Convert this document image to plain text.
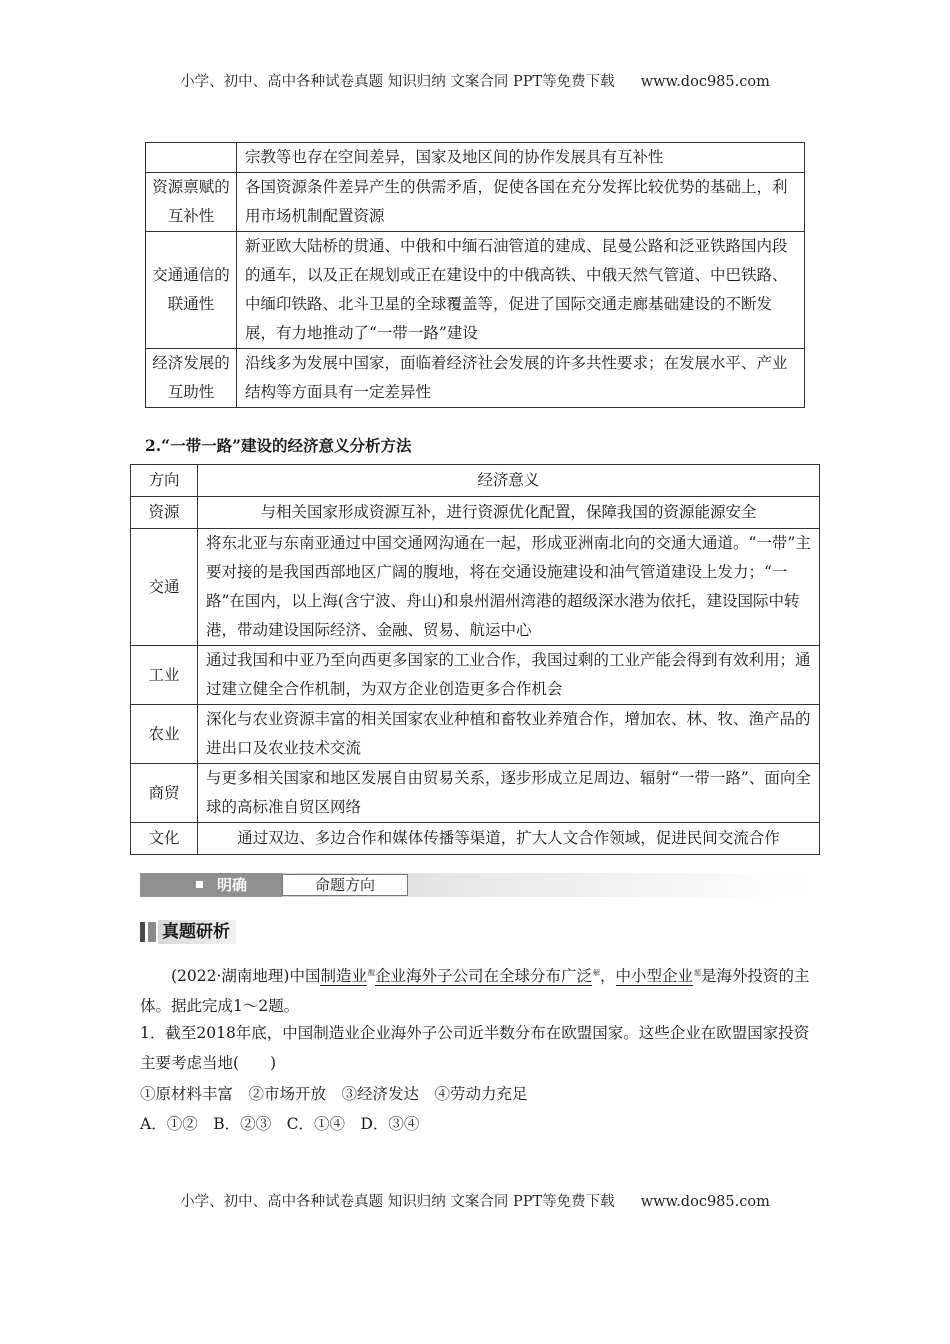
小学、初中、高中各种试卷真题 知识归纳 文案合同 PPT等免费下载 www.doc985.com
	宗教等也存在空间差异，国家及地区间的协作发展具有互补性
资源禀赋的互补性	各国资源条件差异产生的供需矛盾，促使各国在充分发挥比较优势的基础上，利用市场机制配置资源
交通通信的联通性	新亚欧大陆桥的贯通、中俄和中缅石油管道的建成、昆曼公路和泛亚铁路国内段的通车，以及正在规划或正在建设中的中俄高铁、中俄天然气管道、中巴铁路、中缅印铁路、北斗卫星的全球覆盖等，促进了国际交通走廊基础建设的不断发展，有力地推动了“一带一路”建设
经济发展的互助性	沿线多为发展中国家，面临着经济社会发展的许多共性要求；在发展水平、产业结构等方面具有一定差异性
2.“一带一路”建设的经济意义分析方法
方向	经济意义
资源	与相关国家形成资源互补，进行资源优化配置，保障我国的资源能源安全
交通	将东北亚与东南亚通过中国交通网沟通在一起，形成亚洲南北向的交通大通道。“一带”主要对接的是我国西部地区广阔的腹地，将在交通设施建设和油气管道建设上发力；“一路”在国内，以上海(含宁波、舟山)和泉州湄州湾港的超级深水港为依托，建设国际中转港，带动建设国际经济、金融、贸易、航运中心
工业	通过我国和中亚乃至向西更多国家的工业合作，我国过剩的工业产能会得到有效利用；通过建立健全合作机制，为双方企业创造更多合作机会
农业	深化与农业资源丰富的相关国家农业种植和畜牧业养殖合作，增加农、林、牧、渔产品的进出口及农业技术交流
商贸	与更多相关国家和地区发展自由贸易关系，逐步形成立足周边、辐射“一带一路”、面向全球的高标准自贸区网络
文化	通过双边、多边合作和媒体传播等渠道，扩大人文合作领域，促进民间交流合作
明确	命题方向
真题研析
(2022·湖南地理)中国制造业$^醒$企业海外子公司在全球分布广泛$^解$，中小型企业$^题$是海外投资的主体。据此完成1～2题。
1．截至2018年底，中国制造业企业海外子公司近半数分布在欧盟国家。这些企业在欧盟国家投资主要考虑当地(　　)
①原材料丰富　②市场开放　③经济发达　④劳动力充足
A．①②　B．②③　C．①④　D．③④
小学、初中、高中各种试卷真题 知识归纳 文案合同 PPT等免费下载 www.doc985.com
